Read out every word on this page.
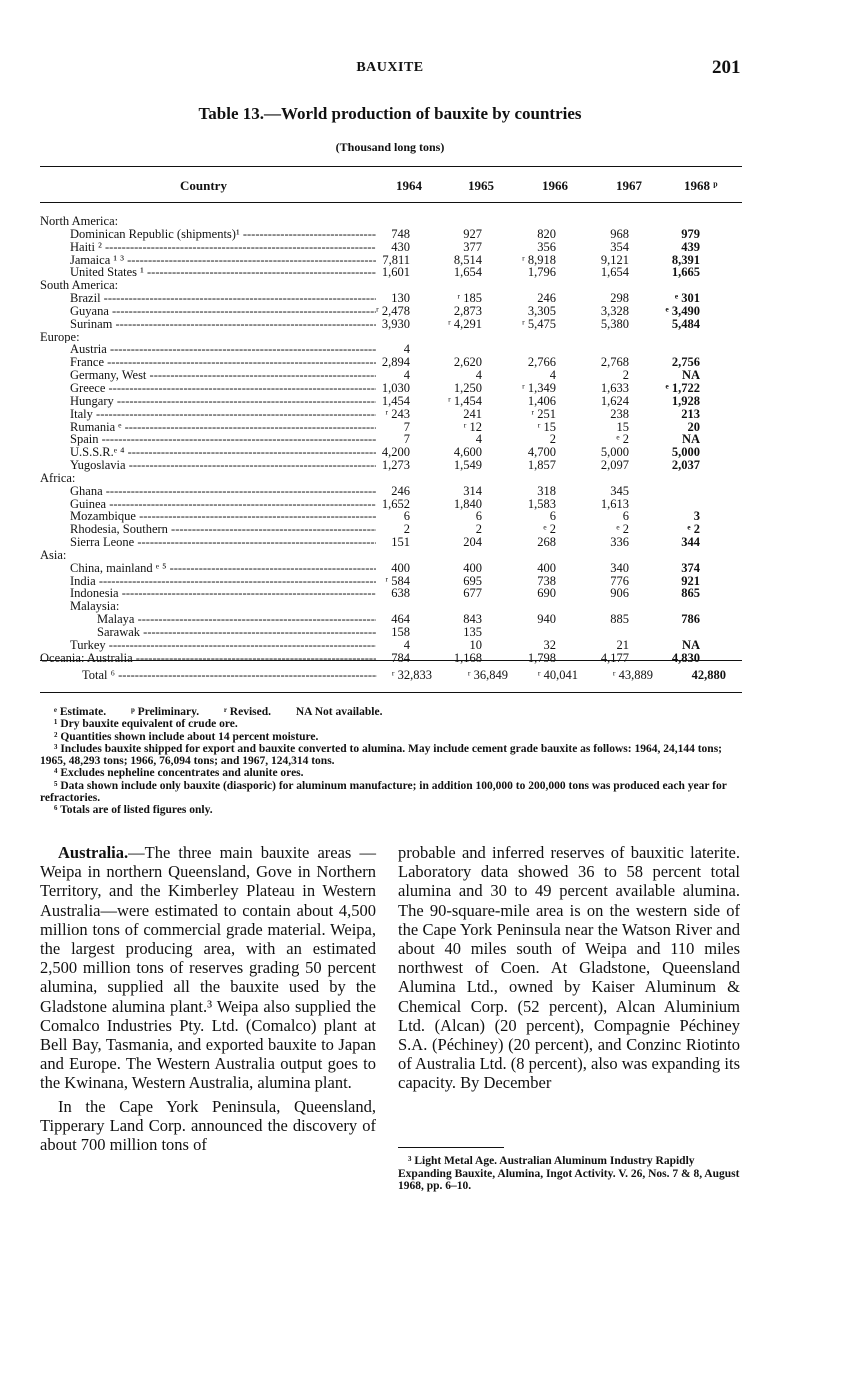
BAUXITE	201
Table 13.—World production of bauxite by countries
(Thousand long tons)
Country	1964	1965	1966	1967	1968 ᵖ
North America:
Dominican Republic (shipments)¹ -----	748	927	820	968	979
Haiti ² -----	430	377	356	354	439
Jamaica ¹ ³ -----	7,811	8,514	ʳ 8,918	9,121	8,391
United States ¹ -----	1,601	1,654	1,796	1,654	1,665
South America:
Brazil -----	130	ʳ 185	246	298	ᵉ 301
Guyana -----	ʳ 2,478	2,873	3,305	3,328	ᵉ 3,490
Surinam -----	3,930	ʳ 4,291	ʳ 5,475	5,380	5,484
Europe:
Austria -----	4
France -----	2,894	2,620	2,766	2,768	2,756
Germany, West -----	4	4	4	2	NA
Greece -----	1,030	1,250	ʳ 1,349	1,633	ᵉ 1,722
Hungary -----	1,454	ʳ 1,454	1,406	1,624	1,928
Italy -----	ʳ 243	241	ʳ 251	238	213
Rumania ᵉ -----	7	ʳ 12	ʳ 15	15	20
Spain -----	7	4	2	ᵉ 2	NA
U.S.S.R.ᵉ ⁴ -----	4,200	4,600	4,700	5,000	5,000
Yugoslavia -----	1,273	1,549	1,857	2,097	2,037
Africa:
Ghana -----	246	314	318	345
Guinea -----	1,652	1,840	1,583	1,613
Mozambique -----	6	6	6	6	3
Rhodesia, Southern -----	2	2	ᵉ 2	ᵉ 2	ᵉ 2
Sierra Leone -----	151	204	268	336	344
Asia:
China, mainland ᵉ ⁵ -----	400	400	400	340	374
India -----	ʳ 584	695	738	776	921
Indonesia -----	638	677	690	906	865
Malaysia:
Malaya -----	464	843	940	885	786
Sarawak -----	158	135
Turkey -----	4	10	32	21	NA
Oceania: Australia -----	784	1,168	1,798	4,177	4,830
Total ⁶ -----	ʳ 32,833	ʳ 36,849	ʳ 40,041	ʳ 43,889	42,880
ᵉ Estimate. ᵖ Preliminary. ʳ Revised. NA Not available.
¹ Dry bauxite equivalent of crude ore.
² Quantities shown include about 14 percent moisture.
³ Includes bauxite shipped for export and bauxite converted to alumina. May include cement grade bauxite as follows: 1964, 24,144 tons; 1965, 48,293 tons; 1966, 76,094 tons; and 1967, 124,314 tons.
⁴ Excludes nepheline concentrates and alunite ores.
⁵ Data shown include only bauxite (diasporic) for aluminum manufacture; in addition 100,000 to 200,000 tons was produced each year for refractories.
⁶ Totals are of listed figures only.

Australia.—The three main bauxite areas —Weipa in northern Queensland, Gove in Northern Territory, and the Kimberley Plateau in Western Australia—were estimated to contain about 4,500 million tons of commercial grade material. Weipa, the largest producing area, with an estimated 2,500 million tons of reserves grading 50 percent alumina, supplied all the bauxite used by the Gladstone alumina plant.³ Weipa also supplied the Comalco Industries Pty. Ltd. (Comalco) plant at Bell Bay, Tasmania, and exported bauxite to Japan and Europe. The Western Australia output goes to the Kwinana, Western Australia, alumina plant.

In the Cape York Peninsula, Queensland, Tipperary Land Corp. announced the discovery of about 700 million tons of

probable and inferred reserves of bauxitic laterite. Laboratory data showed 36 to 58 percent total alumina and 30 to 49 percent available alumina. The 90-square-mile area is on the western side of the Cape York Peninsula near the Watson River and about 40 miles south of Weipa and 110 miles northwest of Coen. At Gladstone, Queensland Alumina Ltd., owned by Kaiser Aluminum & Chemical Corp. (52 percent), Alcan Aluminium Ltd. (Alcan) (20 percent), Compagnie Péchiney S.A. (Péchiney) (20 percent), and Conzinc Riotinto of Australia Ltd. (8 percent), also was expanding its capacity. By December

³ Light Metal Age. Australian Aluminum Industry Rapidly Expanding Bauxite, Alumina, Ingot Activity. V. 26, Nos. 7 & 8, August 1968, pp. 6–10.
